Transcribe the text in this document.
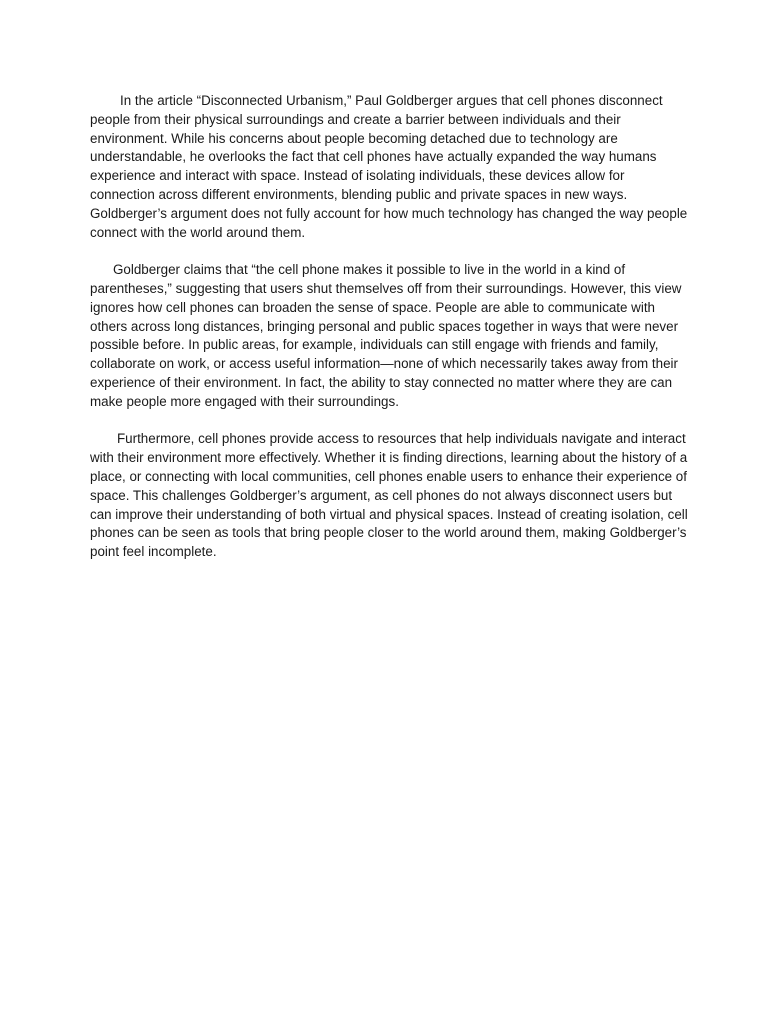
In the article “Disconnected Urbanism,” Paul Goldberger argues that cell phones disconnect people from their physical surroundings and create a barrier between individuals and their environment. While his concerns about people becoming detached due to technology are understandable, he overlooks the fact that cell phones have actually expanded the way humans experience and interact with space. Instead of isolating individuals, these devices allow for connection across different environments, blending public and private spaces in new ways. Goldberger’s argument does not fully account for how much technology has changed the way people connect with the world around them.

Goldberger claims that “the cell phone makes it possible to live in the world in a kind of parentheses,” suggesting that users shut themselves off from their surroundings. However, this view ignores how cell phones can broaden the sense of space. People are able to communicate with others across long distances, bringing personal and public spaces together in ways that were never possible before. In public areas, for example, individuals can still engage with friends and family, collaborate on work, or access useful information—none of which necessarily takes away from their experience of their environment. In fact, the ability to stay connected no matter where they are can make people more engaged with their surroundings.

Furthermore, cell phones provide access to resources that help individuals navigate and interact with their environment more effectively. Whether it is finding directions, learning about the history of a place, or connecting with local communities, cell phones enable users to enhance their experience of space. This challenges Goldberger’s argument, as cell phones do not always disconnect users but can improve their understanding of both virtual and physical spaces. Instead of creating isolation, cell phones can be seen as tools that bring people closer to the world around them, making Goldberger’s point feel incomplete.
